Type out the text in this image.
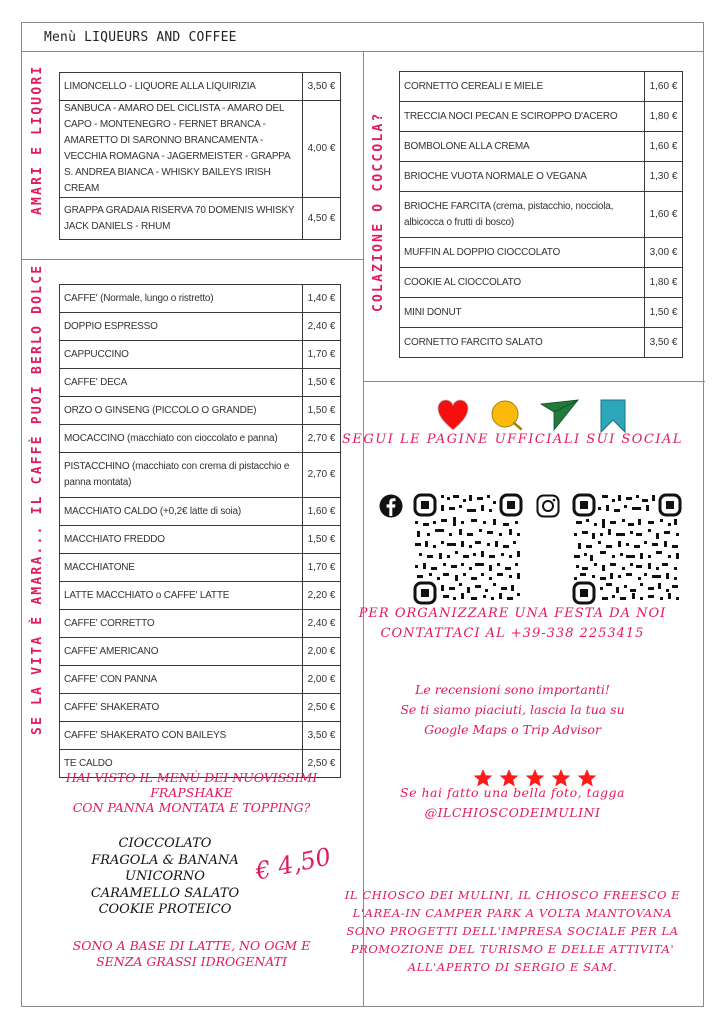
Menù LIQUEURS AND COFFEE
AMARI E LIQUORI
SE LA VITA È AMARA... IL CAFFÈ PUOI BERLO DOLCE
COLAZIONE O COCCOLA?
LIMONCELLO - LIQUORE ALLA LIQUIRIZIA	3,50 €
SANBUCA - AMARO DEL CICLISTA - AMARO DEL CAPO - MONTENEGRO - FERNET BRANCA - AMARETTO DI SARONNO BRANCAMENTA - VECCHIA ROMAGNA - JAGERMEISTER - GRAPPA S. ANDREA BIANCA - WHISKY BAILEYS IRISH CREAM	4,00 €
GRAPPA GRADAIA RISERVA 70 DOMENIS WHISKY JACK DANIELS - RHUM	4,50 €
CAFFE' (Normale, lungo o ristretto)	1,40 €
DOPPIO ESPRESSO	2,40 €
CAPPUCCINO	1,70 €
CAFFE' DECA	1,50 €
ORZO O GINSENG (PICCOLO O GRANDE)	1,50 €
MOCACCINO (macchiato con cioccolato e panna)	2,70 €
PISTACCHINO (macchiato con crema di pistacchio e panna montata)	2,70 €
MACCHIATO CALDO (+0,2€ latte di soia)	1,60 €
MACCHIATO FREDDO	1,50 €
MACCHIATONE	1,70 €
LATTE MACCHIATO o CAFFE' LATTE	2,20 €
CAFFE' CORRETTO	2,40 €
CAFFE' AMERICANO	2,00 €
CAFFE' CON PANNA	2,00 €
CAFFE' SHAKERATO	2,50 €
CAFFE' SHAKERATO CON BAILEYS	3,50 €
TE CALDO	2,50 €
CORNETTO CEREALI E MIELE	1,60 €
TRECCIA NOCI PECAN E SCIROPPO D'ACERO	1,80 €
BOMBOLONE ALLA CREMA	1,60 €
BRIOCHE VUOTA NORMALE O VEGANA	1,30 €
BRIOCHE FARCITA (crema, pistacchio, nocciola, albicocca o frutti di bosco)	1,60 €
MUFFIN AL DOPPIO CIOCCOLATO	3,00 €
COOKIE AL CIOCCOLATO	1,80 €
MINI DONUT	1,50 €
CORNETTO FARCITO SALATO	3,50 €
HAI VISTO IL MENÙ DEI NUOVISSIMI
FRAPSHAKE
CON PANNA MONTATA E TOPPING?
CIOCCOLATO
FRAGOLA & BANANA
UNICORNO
CARAMELLO SALATO
COOKIE PROTEICO
€ 4,50
SONO A BASE DI LATTE, NO OGM E
SENZA GRASSI IDROGENATI
SEGUI LE PAGINE UFFICIALI SUI SOCIAL
PER ORGANIZZARE UNA FESTA DA NOI
CONTATTACI AL +39-338 2253415
Le recensioni sono importanti!
Se ti siamo piaciuti, lascia la tua su
Google Maps o Trip Advisor
Se hai fatto una bella foto, tagga
@ILCHIOSCODEIMULINI
IL CHIOSCO DEI MULINI, IL CHIOSCO FREESCO E
L'AREA-IN CAMPER PARK A VOLTA MANTOVANA
SONO PROGETTI DELL'IMPRESA SOCIALE PER LA
PROMOZIONE DEL TURISMO E DELLE ATTIVITA'
ALL'APERTO DI SERGIO E SAM.
